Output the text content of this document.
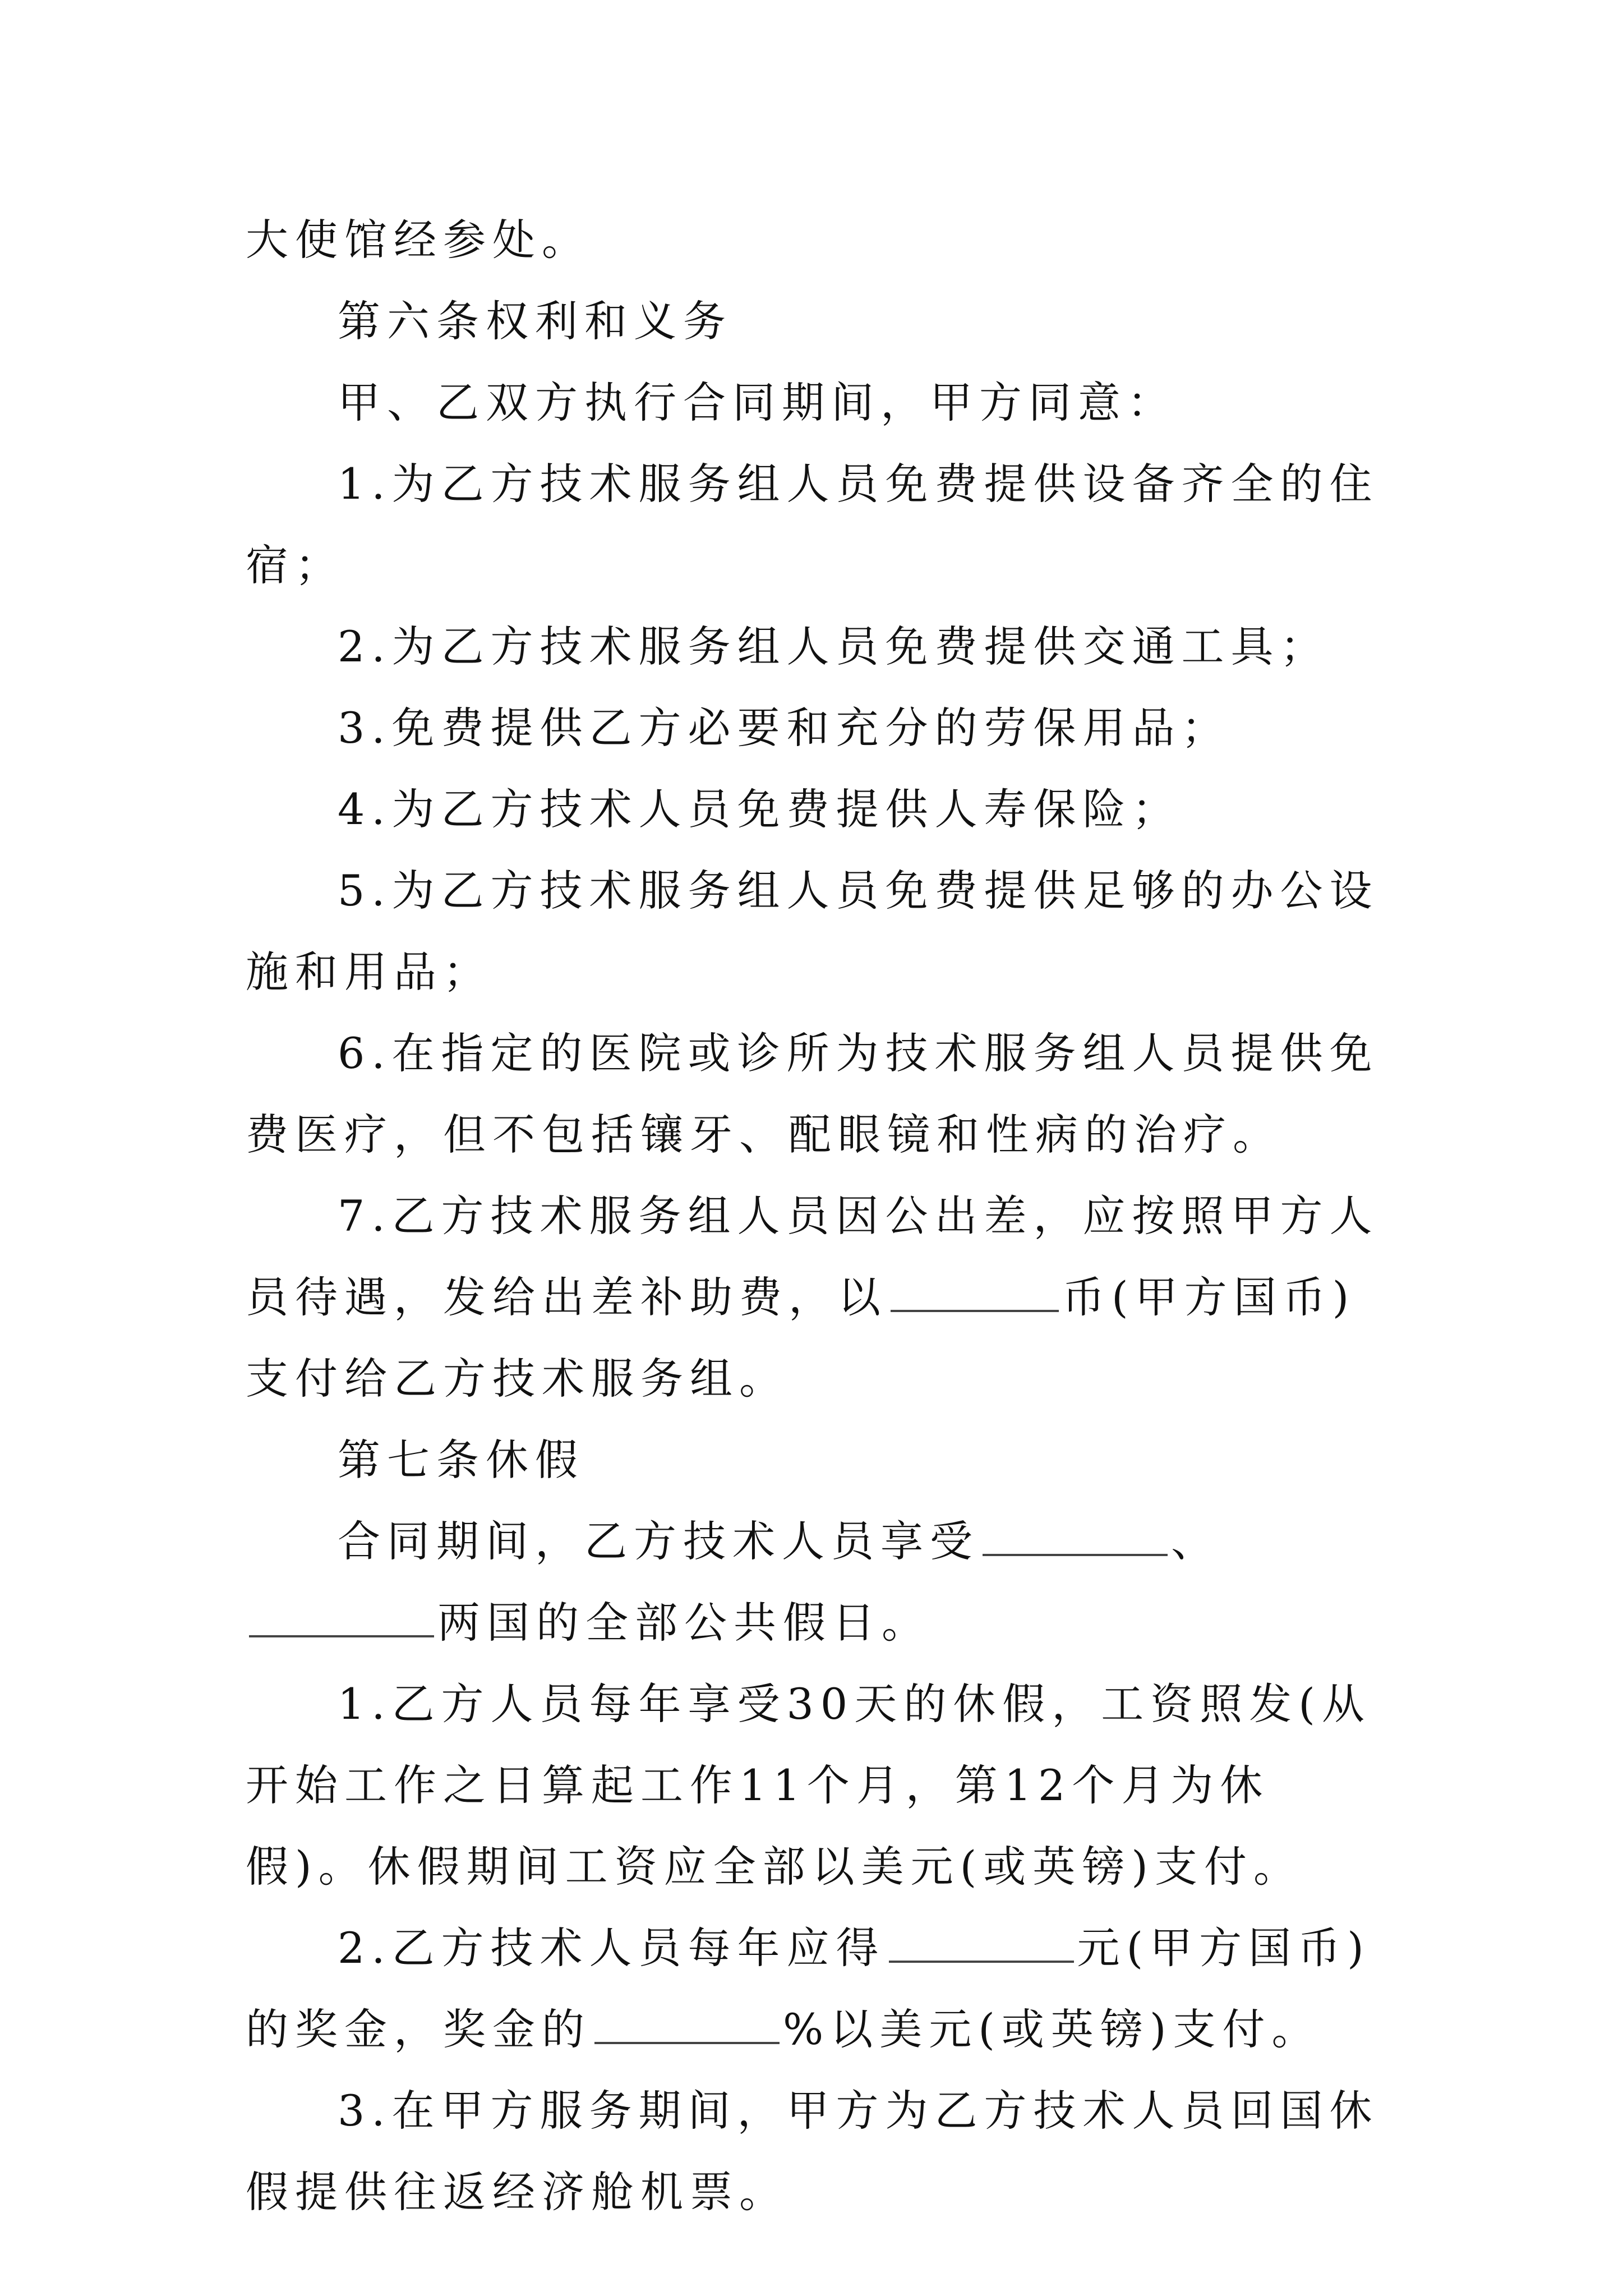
大使馆经参处。

第六条权利和义务

甲、乙双方执行合同期间，甲方同意：

1.为乙方技术服务组人员免费提供设备齐全的住宿；

2.为乙方技术服务组人员免费提供交通工具；

3.免费提供乙方必要和充分的劳保用品；

4.为乙方技术人员免费提供人寿保险；

5.为乙方技术服务组人员免费提供足够的办公设施和用品；

6.在指定的医院或诊所为技术服务组人员提供免费医疗，但不包括镶牙、配眼镜和性病的治疗。

7.乙方技术服务组人员因公出差，应按照甲方人员待遇，发给出差补助费，以	币(甲方国币)支付给乙方技术服务组。

第七条休假

合同期间，乙方技术人员享受	、两国的全部公共假日。

1.乙方人员每年享受30天的休假，工资照发(从开始工作之日算起工作11个月，第12个月为休假)。休假期间工资应全部以美元(或英镑)支付。

2.乙方技术人员每年应得	元(甲方国币)的奖金，奖金的	%以美元(或英镑)支付。

3.在甲方服务期间，甲方为乙方技术人员回国休假提供往返经济舱机票。
